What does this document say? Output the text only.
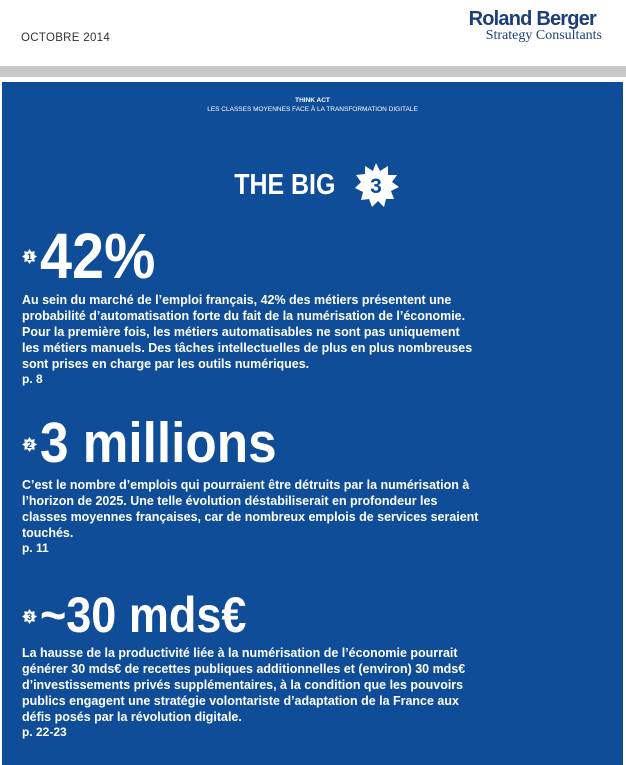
OCTOBRE 2014
Roland Berger
Strategy Consultants
THINK ACT
LES CLASSES MOYENNES FACE À LA TRANSFORMATION DIGITALE
THE BIG 3
1 42%

Au sein du marché de l’emploi français, 42% des métiers présentent une
probabilité d’automatisation forte du fait de la numérisation de l’économie.
Pour la première fois, les métiers automatisables ne sont pas uniquement
les métiers manuels. Des tâches intellectuelles de plus en plus nombreuses
sont prises en charge par les outils numériques.

p. 8
2 3 millions

C’est le nombre d’emplois qui pourraient être détruits par la numérisation à
l’horizon de 2025. Une telle évolution déstabiliserait en profondeur les
classes moyennes françaises, car de nombreux emplois de services seraient
touchés.

p. 11
3 ~30 mds€

La hausse de la productivité liée à la numérisation de l’économie pourrait
générer 30 mds€ de recettes publiques additionnelles et (environ) 30 mds€
d’investissements privés supplémentaires, à la condition que les pouvoirs
publics engagent une stratégie volontariste d’adaptation de la France aux
défis posés par la révolution digitale.

p. 22-23
